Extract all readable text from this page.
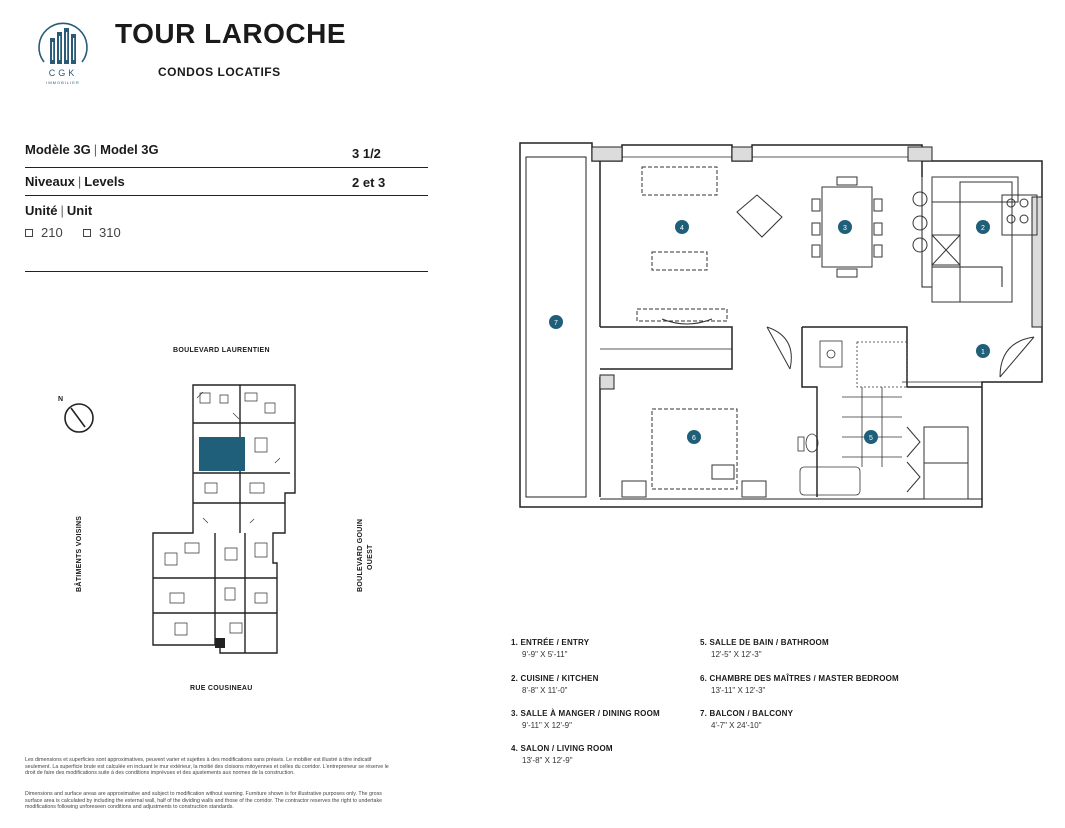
CGK
IMMOBILIER
TOUR LAROCHE
CONDOS LOCATIFS
Modèle 3G | Model 3G	3 1/2
Niveaux | Levels	2 et 3
Unité | Unit
210	310
BOULEVARD LAURENTIEN
RUE COUSINEAU
BÂTIMENTS VOISINS	BOULEVARD GOUIN OUEST
N
1
2
3
4
5
6
7
1. ENTRÉE / ENTRY
9'-9" X 5'-11"
2. CUISINE / KITCHEN
8'-8" X 11'-0"
3. SALLE À MANGER / DINING ROOM
9'-11" X 12'-9"
4. SALON / LIVING ROOM
13'-8" X 12'-9"
5. SALLE DE BAIN / BATHROOM
12'-5" X 12'-3"
6. CHAMBRE DES MAÎTRES / MASTER BEDROOM
13'-11" X 12'-3"
7. BALCON / BALCONY
4'-7" X 24'-10"
Les dimensions et superficies sont approximatives, peuvent varier et sujettes à des modifications sans préavis. Le mobilier est illustré à titre indicatif seulement. La superficie brute est calculée en incluant le mur extérieur, la moitié des cloisons mitoyennes et celles du corridor. L'entrepreneur se réserve le droit de faire des modifications suite à des conditions imprévues et des ajustements aux normes de la construction.
Dimensions and surface areas are approximative and subject to modification without warning. Furniture shown is for illustrative purposes only. The gross surface area is calculated by including the external wall, half of the dividing walls and those of the corridor. The contractor reserves the right to undertake modifications following unforeseen conditions and adjustments to construction standards.
